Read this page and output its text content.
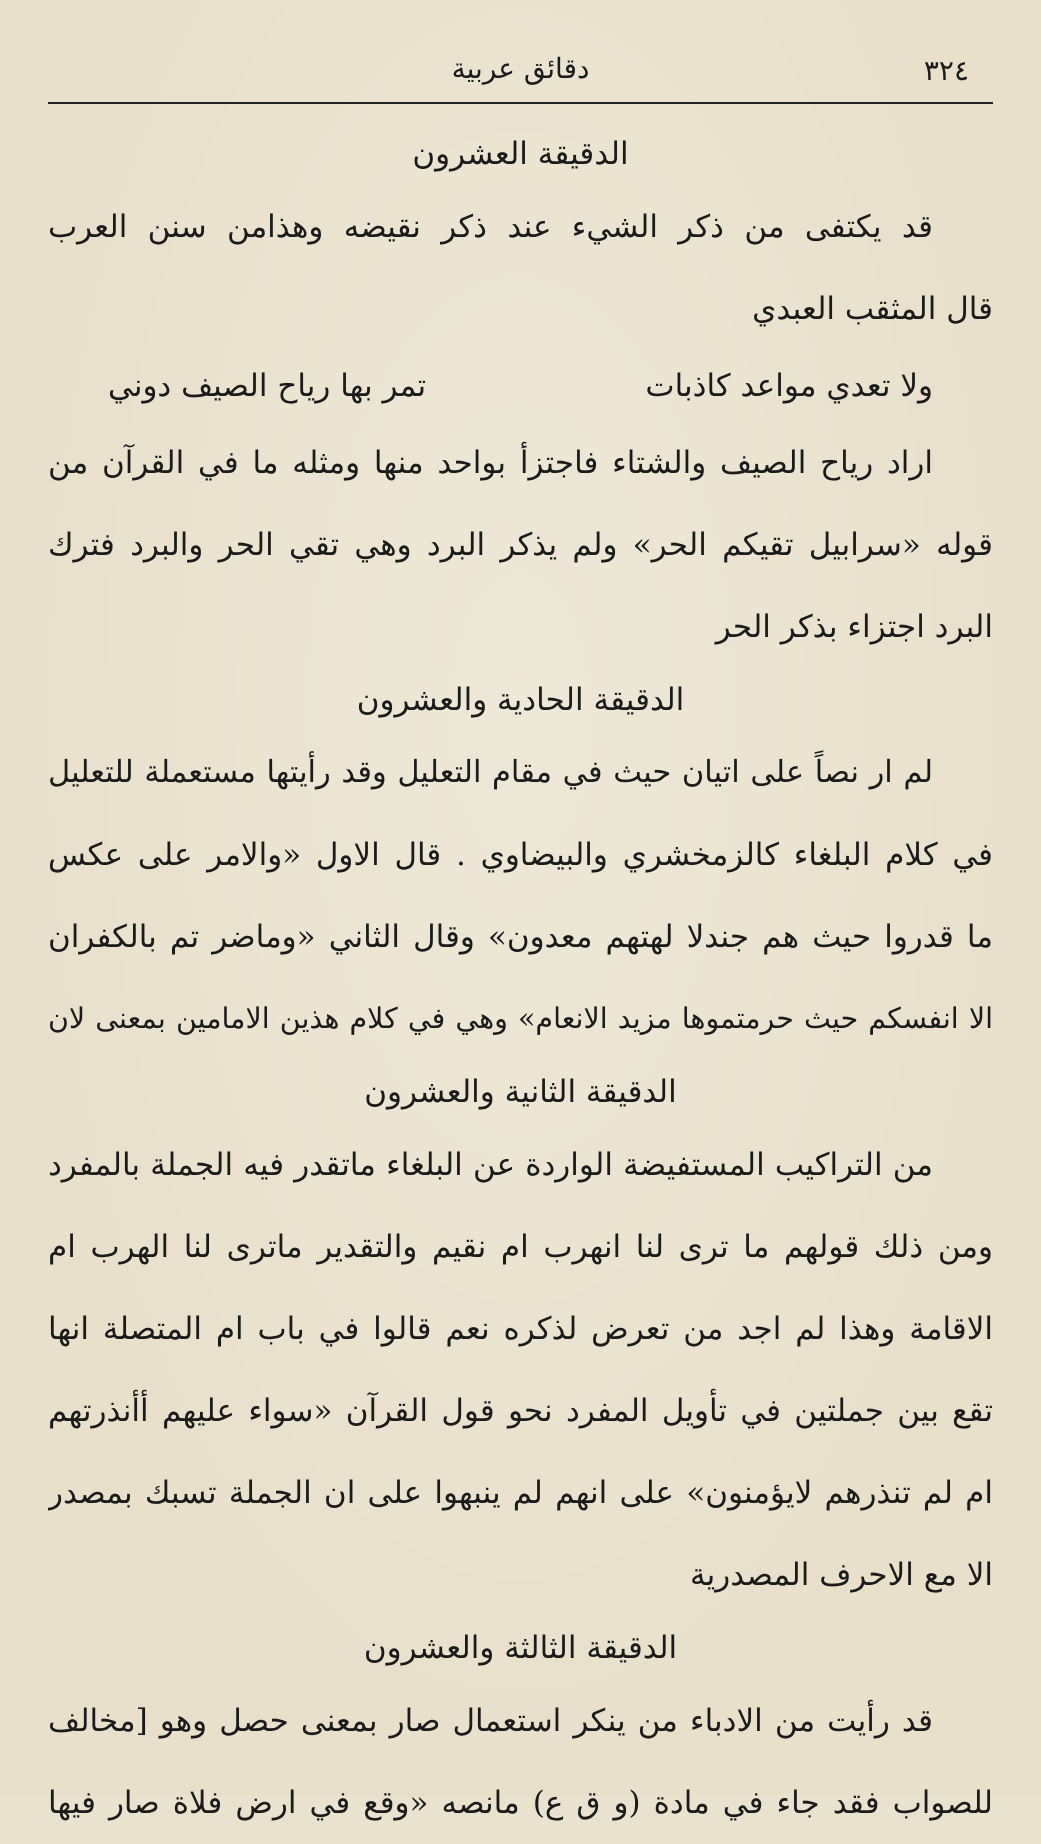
٣٢٤
دقائق عربية
الدقيقة العشرون
قد يكتفى من ذكر الشيء عند ذكر نقيضه وهذامن سنن العرب
قال المثقب العبدي
ولا تعدي مواعد كاذبات
تمر بها رياح الصيف دوني
اراد رياح الصيف والشتاء فاجتزأ بواحد منها ومثله ما في القرآن من
قوله «سرابيل تقيكم الحر» ولم يذكر البرد وهي تقي الحر والبرد فترك
البرد اجتزاء بذكر الحر
الدقيقة الحادية والعشرون
لم ار نصاً على اتيان حيث في مقام التعليل وقد رأيتها مستعملة للتعليل
في كلام البلغاء كالزمخشري والبيضاوي . قال الاول «والامر على عكس
ما قدروا حيث هم جندلا لهتهم معدون» وقال الثاني «وماضر تم بالكفران
الا انفسكم حيث حرمتموها مزيد الانعام» وهي في كلام هذين الامامين بمعنى لان
الدقيقة الثانية والعشرون
من التراكيب المستفيضة الواردة عن البلغاء ماتقدر فيه الجملة بالمفرد
ومن ذلك قولهم ما ترى لنا انهرب ام نقيم والتقدير ماترى لنا الهرب ام
الاقامة وهذا لم اجد من تعرض لذكره نعم قالوا في باب ام المتصلة انها
تقع بين جملتين في تأويل المفرد نحو قول القرآن «سواء عليهم أأنذرتهم
ام لم تنذرهم لايؤمنون» على انهم لم ينبهوا على ان الجملة تسبك بمصدر
الا مع الاحرف المصدرية
الدقيقة الثالثة والعشرون
قد رأيت من الادباء من ينكر استعمال صار بمعنى حصل وهو [مخالف
للصواب فقد جاء في مادة (و ق ع) مانصه «وقع في ارض فلاة صار فيها
